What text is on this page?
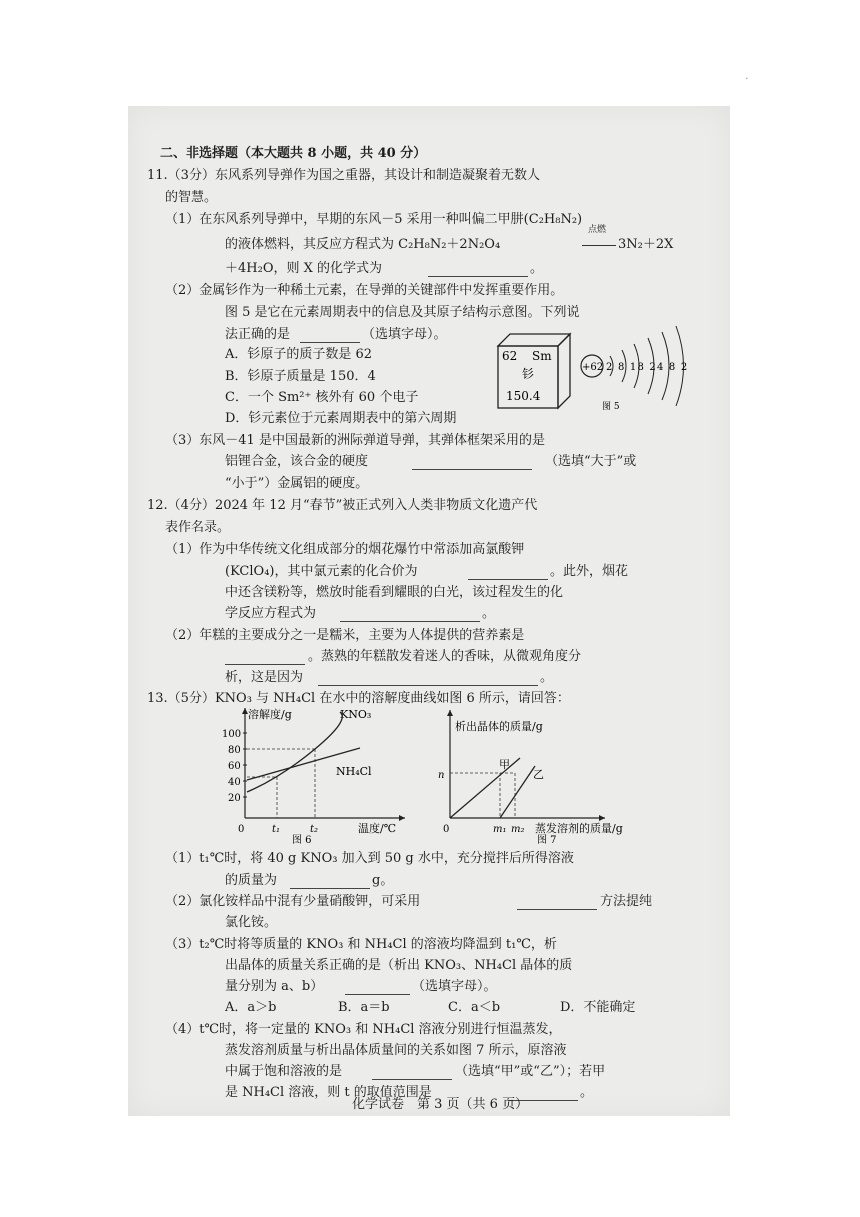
·
二、非选择题（本大题共 8 小题，共 40 分）
11.（3分）东风系列导弹作为国之重器，其设计和制造凝聚着无数人
的智慧。
（1）在东风系列导弹中，早期的东风－5 采用一种叫偏二甲肼(C₂H₈N₂)
的液体燃料，其反应方程式为 C₂H₈N₂＋2N₂O₄
点燃
3N₂＋2X
＋4H₂O，则 X 的化学式为	。
（2）金属钐作为一种稀土元素，在导弹的关键部件中发挥重要作用。
图 5 是它在元素周期表中的信息及其原子结构示意图。下列说
法正确的是	（选填字母）。
A．钐原子的质子数是 62
B．钐原子质量是 150．4
C．一个 Sm²⁺ 核外有 60 个电子
D．钐元素位于元素周期表中的第六周期
62 Sm
钐
150.4
+62 2 8 18 24 8 2
图 5
（3）东风－41 是中国最新的洲际弹道导弹，其弹体框架采用的是
铝锂合金，该合金的硬度	（选填“大于”或
“小于”）金属铝的硬度。
12.（4分）2024 年 12 月“春节”被正式列入人类非物质文化遗产代
表作名录。
（1）作为中华传统文化组成部分的烟花爆竹中常添加高氯酸钾
(KClO₄)，其中氯元素的化合价为	。此外，烟花
中还含镁粉等，燃放时能看到耀眼的白光，该过程发生的化
学反应方程式为	。
（2）年糕的主要成分之一是糯米，主要为人体提供的营养素是
。蒸熟的年糕散发着迷人的香味，从微观角度分
析，这是因为	。
13.（5分）KNO₃ 与 NH₄Cl 在水中的溶解度曲线如图 6 所示，请回答：
溶解度/g	KNO₃
NH₄Cl
100
80
60
40
20
0	t₁	t₂	温度/℃
图 6
析出晶体的质量/g
n
甲
乙
0	m₁ m₂ 蒸发溶剂的质量/g
图 7
（1）t₁℃时，将 40 g KNO₃ 加入到 50 g 水中，充分搅拌后所得溶液
的质量为	g。
（2）氯化铵样品中混有少量硝酸钾，可采用	方法提纯
氯化铵。
（3）t₂℃时将等质量的 KNO₃ 和 NH₄Cl 的溶液均降温到 t₁℃，析
出晶体的质量关系正确的是（析出 KNO₃、NH₄Cl 晶体的质
量分别为 a、b）	（选填字母）。
A．a＞b	B．a＝b	C．a＜b	D．不能确定
（4）t℃时，将一定量的 KNO₃ 和 NH₄Cl 溶液分别进行恒温蒸发，
蒸发溶剂质量与析出晶体质量间的关系如图 7 所示，原溶液
中属于饱和溶液的是	（选填“甲”或“乙”）；若甲
是 NH₄Cl 溶液，则 t 的取值范围是	。
化学试卷　第 3 页（共 6 页）
